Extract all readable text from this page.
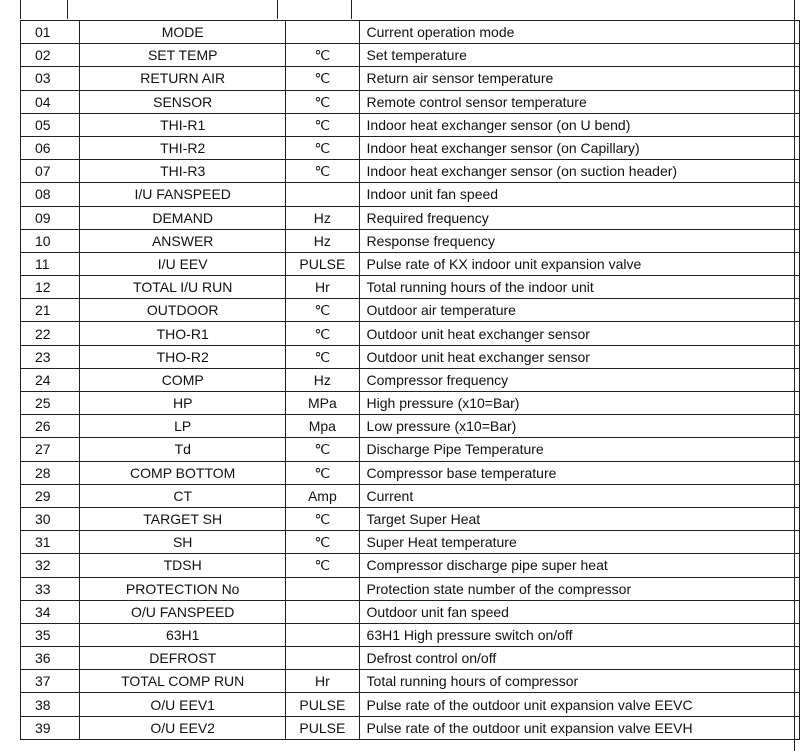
01	MODE		Current operation mode
02	SET TEMP	℃	Set temperature
03	RETURN AIR	℃	Return air sensor temperature
04	SENSOR	℃	Remote control sensor temperature
05	THI-R1	℃	Indoor heat exchanger sensor (on U bend)
06	THI-R2	℃	Indoor heat exchanger sensor (on Capillary)
07	THI-R3	℃	Indoor heat exchanger sensor (on suction header)
08	I/U FANSPEED		Indoor unit fan speed
09	DEMAND	Hz	Required frequency
10	ANSWER	Hz	Response frequency
11	I/U EEV	PULSE	Pulse rate of KX indoor unit expansion valve
12	TOTAL I/U RUN	Hr	Total running hours of the indoor unit
21	OUTDOOR	℃	Outdoor air temperature
22	THO-R1	℃	Outdoor unit heat exchanger sensor
23	THO-R2	℃	Outdoor unit heat exchanger sensor
24	COMP	Hz	Compressor frequency
25	HP	MPa	High pressure (x10=Bar)
26	LP	Mpa	Low pressure (x10=Bar)
27	Td	℃	Discharge Pipe Temperature
28	COMP BOTTOM	℃	Compressor base temperature
29	CT	Amp	Current
30	TARGET SH	℃	Target Super Heat
31	SH	℃	Super Heat temperature
32	TDSH	℃	Compressor discharge pipe super heat
33	PROTECTION No		Protection state number of the compressor
34	O/U FANSPEED		Outdoor unit fan speed
35	63H1		63H1 High pressure switch on/off
36	DEFROST		Defrost control on/off
37	TOTAL COMP RUN	Hr	Total running hours of compressor
38	O/U EEV1	PULSE	Pulse rate of the outdoor unit expansion valve EEVC
39	O/U EEV2	PULSE	Pulse rate of the outdoor unit expansion valve EEVH
